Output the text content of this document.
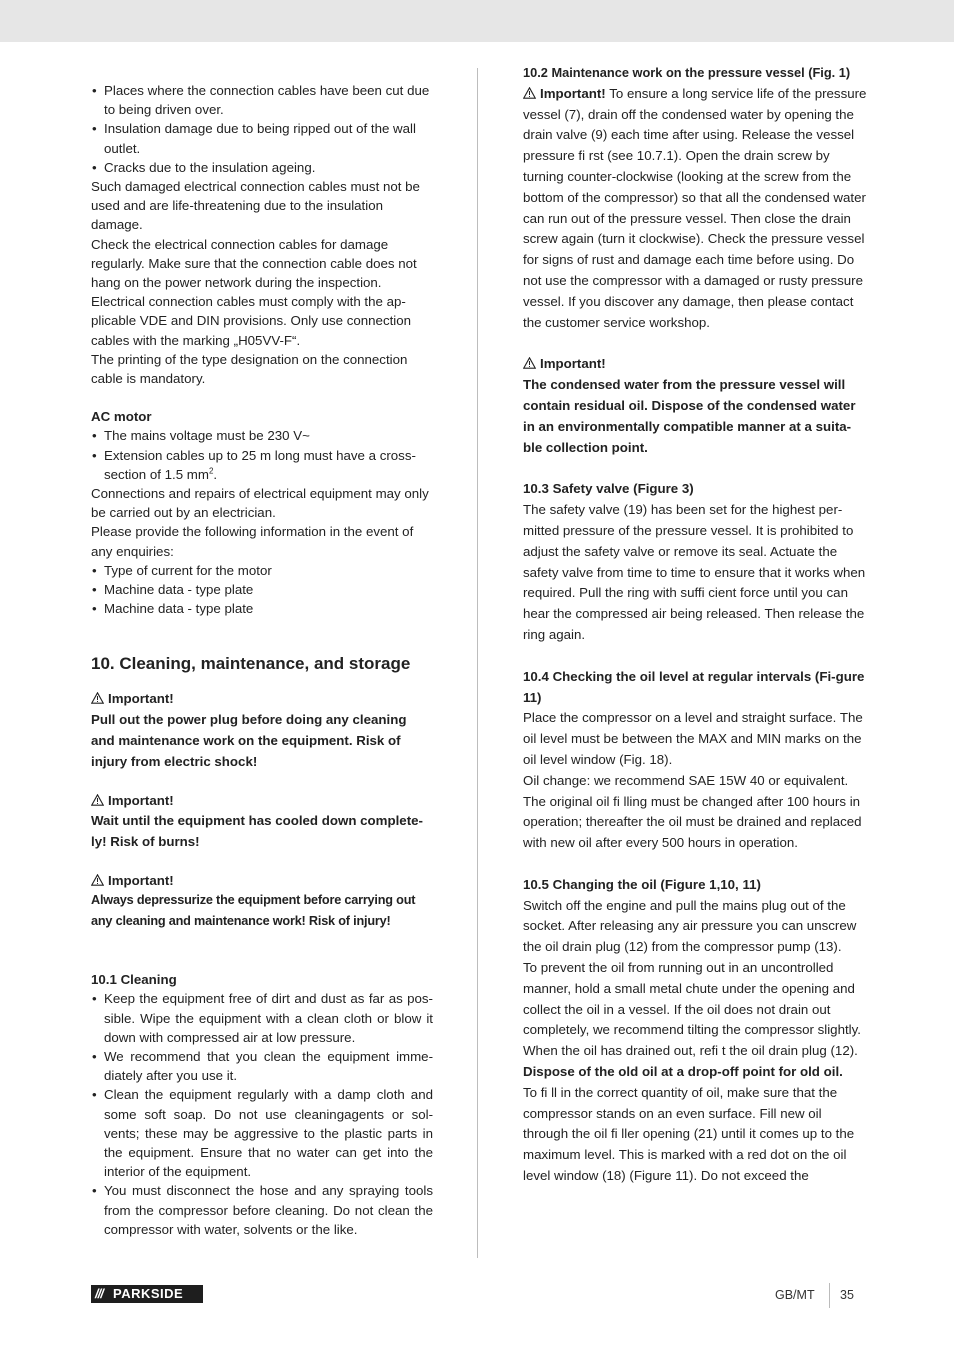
• Places where the connection cables have been cut due to being driven over.
• Insulation damage due to being ripped out of the wall outlet.
• Cracks due to the insulation ageing.

Such damaged electrical connection cables must not be used and are life-threatening due to the insulation damage.

Check the electrical connection cables for damage regularly. Make sure that the connection cable does not hang on the power network during the inspection.

Electrical connection cables must comply with the ap-plicable VDE and DIN provisions. Only use connection cables with the marking „H05VV-F“.

The printing of the type designation on the connection cable is mandatory.

AC motor

• The mains voltage must be 230 V~
• Extension cables up to 25 m long must have a cross-section of 1.5 $mm^2$.

Connections and repairs of electrical equipment may only be carried out by an electrician.

Please provide the following information in the event of any enquiries:

• Type of current for the motor
• Machine data - type plate
• Machine data - type plate

10. Cleaning, maintenance, and storage

Important!

Pull out the power plug before doing any cleaning and maintenance work on the equipment. Risk of injury from electric shock!

Important!

Wait until the equipment has cooled down complete-ly! Risk of burns!

Important!

Always depressurize the equipment before carrying out any cleaning and maintenance work! Risk of injury!

10.1 Cleaning

• Keep the equipment free of dirt and dust as far as pos-sible. Wipe the equipment with a clean cloth or blow it down with compressed air at low pressure.
• We recommend that you clean the equipment imme-diately after you use it.
• Clean the equipment regularly with a damp cloth and some soft soap. Do not use cleaningagents or sol-vents; these may be aggressive to the plastic parts in the equipment. Ensure that no water can get into the interior of the equipment.
• You must disconnect the hose and any spraying tools from the compressor before cleaning. Do not clean the compressor with water, solvents or the like.

10.2 Maintenance work on the pressure vessel (Fig. 1)

Important! To ensure a long service life of the pressure vessel (7), drain off the condensed water by opening the drain valve (9) each time after using. Release the vessel pressure fi rst (see 10.7.1). Open the drain screw by turning counter-clockwise (looking at the screw from the bottom of the compressor) so that all the condensed water can run out of the pressure vessel. Then close the drain screw again (turn it clockwise). Check the pressure vessel for signs of rust and damage each time before using. Do not use the compressor with a damaged or rusty pressure vessel. If you discover any damage, then please contact the customer service workshop.

Important!

The condensed water from the pressure vessel will contain residual oil. Dispose of the condensed water in an environmentally compatible manner at a suita-ble collection point.

10.3 Safety valve (Figure 3)

The safety valve (19) has been set for the highest per-mitted pressure of the pressure vessel. It is prohibited to adjust the safety valve or remove its seal. Actuate the safety valve from time to time to ensure that it works when required. Pull the ring with suffi cient force until you can hear the compressed air being released. Then release the ring again.

10.4 Checking the oil level at regular intervals (Fi-gure 11)

Place the compressor on a level and straight surface. The oil level must be between the MAX and MIN marks on the oil level window (Fig. 18).

Oil change: we recommend SAE 15W 40 or equivalent. The original oil fi lling must be changed after 100 hours in operation; thereafter the oil must be drained and replaced with new oil after every 500 hours in operation.

10.5 Changing the oil (Figure 1,10, 11)

Switch off the engine and pull the mains plug out of the socket. After releasing any air pressure you can unscrew the oil drain plug (12) from the compressor pump (13).

To prevent the oil from running out in an uncontrolled manner, hold a small metal chute under the opening and collect the oil in a vessel. If the oil does not drain out completely, we recommend tilting the compressor slightly. When the oil has drained out, refi t the oil drain plug (12).

Dispose of the old oil at a drop-off point for old oil.

To fi ll in the correct quantity of oil, make sure that the compressor stands on an even surface. Fill new oil through the oil fi ller opening (21) until it comes up to the maximum level. This is marked with a red dot on the oil level window (18) (Figure 11). Do not exceed the

/// PARKSIDE	GB/MT 35
